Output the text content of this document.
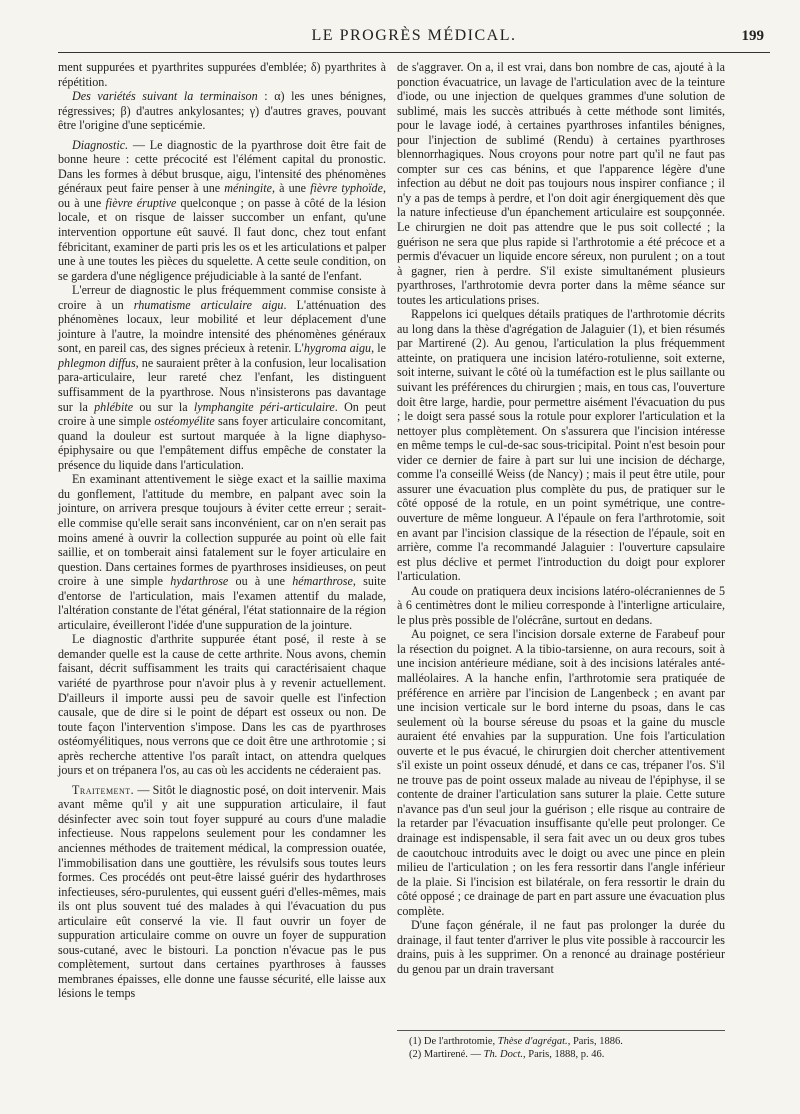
LE PROGRÈS MÉDICAL.	199

ment suppurées et pyarthrites suppurées d'emblée; δ) pyarthrites à répétition.

Des variétés suivant la terminaison : α) les unes bénignes, régressives; β) d'autres ankylosantes; γ) d'autres graves, pouvant être l'origine d'une septicémie.

Diagnostic. — Le diagnostic de la pyarthrose doit être fait de bonne heure : cette précocité est l'élément capital du pronostic. Dans les formes à début brusque, aigu, l'intensité des phénomènes généraux peut faire penser à une méningite, à une fièvre typhoïde, ou à une fièvre éruptive quelconque ; on passe à côté de la lésion locale, et on risque de laisser succomber un enfant, qu'une intervention opportune eût sauvé. Il faut donc, chez tout enfant fébricitant, examiner de parti pris les os et les articulations et palper une à une toutes les pièces du squelette. A cette seule condition, on se gardera d'une négligence préjudiciable à la santé de l'enfant.

L'erreur de diagnostic le plus fréquemment commise consiste à croire à un rhumatisme articulaire aigu. L'atténuation des phénomènes locaux, leur mobilité et leur déplacement d'une jointure à l'autre, la moindre intensité des phénomènes généraux sont, en pareil cas, des signes précieux à retenir. L'hygroma aigu, le phlegmon diffus, ne sauraient prêter à la confusion, leur localisation para-articulaire, leur rareté chez l'enfant, les distinguent suffisamment de la pyarthrose. Nous n'insisterons pas davantage sur la phlébite ou sur la lymphangite péri-articulaire. On peut croire à une simple ostéomyélite sans foyer articulaire concomitant, quand la douleur est surtout marquée à la ligne diaphyso-épiphysaire ou que l'empâtement diffus empêche de constater la présence du liquide dans l'articulation.

En examinant attentivement le siège exact et la saillie maxima du gonflement, l'attitude du membre, en palpant avec soin la jointure, on arrivera presque toujours à éviter cette erreur ; serait-elle commise qu'elle serait sans inconvénient, car on n'en serait pas moins amené à ouvrir la collection suppurée au point où elle fait saillie, et on tomberait ainsi fatalement sur le foyer articulaire en question. Dans certaines formes de pyarthroses insidieuses, on peut croire à une simple hydarthrose ou à une hémarthrose, suite d'entorse de l'articulation, mais l'examen attentif du malade, l'altération constante de l'état général, l'état stationnaire de la région articulaire, éveilleront l'idée d'une suppuration de la jointure.

Le diagnostic d'arthrite suppurée étant posé, il reste à se demander quelle est la cause de cette arthrite. Nous avons, chemin faisant, décrit suffisamment les traits qui caractérisaient chaque variété de pyarthrose pour n'avoir plus à y revenir actuellement. D'ailleurs il importe aussi peu de savoir quelle est l'infection causale, que de dire si le point de départ est osseux ou non. De toute façon l'intervention s'impose. Dans les cas de pyarthroses ostéomyélitiques, nous verrons que ce doit être une arthrotomie ; si après recherche attentive l'os paraît intact, on attendra quelques jours et on trépanera l'os, au cas où les accidents ne céderaient pas.

Traitement. — Sitôt le diagnostic posé, on doit intervenir. Mais avant même qu'il y ait une suppuration articulaire, il faut désinfecter avec soin tout foyer suppuré au cours d'une maladie infectieuse. Nous rappelons seulement pour les condamner les anciennes méthodes de traitement médical, la compression ouatée, l'immobilisation dans une gouttière, les révulsifs sous toutes leurs formes. Ces procédés ont peut-être laissé guérir des hydarthroses infectieuses, séro-purulentes, qui eussent guéri d'elles-mêmes, mais ils ont plus souvent tué des malades à qui l'évacuation du pus articulaire eût conservé la vie. Il faut ouvrir un foyer de suppuration articulaire comme on ouvre un foyer de suppuration sous-cutané, avec le bistouri. La ponction n'évacue pas le pus complètement, surtout dans certaines pyarthroses à fausses membranes épaisses, elle donne une fausse sécurité, elle laisse aux lésions le temps

de s'aggraver. On a, il est vrai, dans bon nombre de cas, ajouté à la ponction évacuatrice, un lavage de l'articulation avec de la teinture d'iode, ou une injection de quelques grammes d'une solution de sublimé, mais les succès attribués à cette méthode sont limités, pour le lavage iodé, à certaines pyarthroses infantiles bénignes, pour l'injection de sublimé (Rendu) à certaines pyarthroses blennorrhagiques. Nous croyons pour notre part qu'il ne faut pas compter sur ces cas bénins, et que l'apparence légère d'une infection au début ne doit pas toujours nous inspirer confiance ; il n'y a pas de temps à perdre, et l'on doit agir énergiquement dès que la nature infectieuse d'un épanchement articulaire est soupçonnée. Le chirurgien ne doit pas attendre que le pus soit collecté ; la guérison ne sera que plus rapide si l'arthrotomie a été précoce et a permis d'évacuer un liquide encore séreux, non purulent ; on a tout à gagner, rien à perdre. S'il existe simultanément plusieurs pyarthroses, l'arthrotomie devra porter dans la même séance sur toutes les articulations prises.

Rappelons ici quelques détails pratiques de l'arthrotomie décrits au long dans la thèse d'agrégation de Jalaguier (1), et bien résumés par Martirené (2). Au genou, l'articulation la plus fréquemment atteinte, on pratiquera une incision latéro-rotulienne, soit externe, soit interne, suivant le côté où la tuméfaction est le plus saillante ou suivant les préférences du chirurgien ; mais, en tous cas, l'ouverture doit être large, hardie, pour permettre aisément l'évacuation du pus ; le doigt sera passé sous la rotule pour explorer l'articulation et la nettoyer plus complètement. On s'assurera que l'incision intéresse en même temps le cul-de-sac sous-tricipital. Point n'est besoin pour vider ce dernier de faire à part sur lui une incision de décharge, comme l'a conseillé Weiss (de Nancy) ; mais il peut être utile, pour assurer une évacuation plus complète du pus, de pratiquer sur le côté opposé de la rotule, en un point symétrique, une contre-ouverture de même longueur. A l'épaule on fera l'arthrotomie, soit en avant par l'incision classique de la résection de l'épaule, soit en arrière, comme l'a recommandé Jalaguier : l'ouverture capsulaire est plus déclive et permet l'introduction du doigt pour explorer l'articulation.

Au coude on pratiquera deux incisions latéro-olécraniennes de 5 à 6 centimètres dont le milieu corresponde à l'interligne articulaire, le plus près possible de l'olécrâne, surtout en dedans.

Au poignet, ce sera l'incision dorsale externe de Farabeuf pour la résection du poignet. A la tibio-tarsienne, on aura recours, soit à une incision antérieure médiane, soit à des incisions latérales anté-malléolaires. A la hanche enfin, l'arthrotomie sera pratiquée de préférence en arrière par l'incision de Langenbeck ; en avant par une incision verticale sur le bord interne du psoas, dans le cas seulement où la bourse séreuse du psoas et la gaine du muscle auraient été envahies par la suppuration. Une fois l'articulation ouverte et le pus évacué, le chirurgien doit chercher attentivement s'il existe un point osseux dénudé, et dans ce cas, trépaner l'os. S'il ne trouve pas de point osseux malade au niveau de l'épiphyse, il se contente de drainer l'articulation sans suturer la plaie. Cette suture n'avance pas d'un seul jour la guérison ; elle risque au contraire de la retarder par l'évacuation insuffisante qu'elle peut prolonger. Ce drainage est indispensable, il sera fait avec un ou deux gros tubes de caoutchouc introduits avec le doigt ou avec une pince en plein milieu de l'articulation ; on les fera ressortir dans l'angle inférieur de la plaie. Si l'incision est bilatérale, on fera ressortir le drain du côté opposé ; ce drainage de part en part assure une évacuation plus complète.

D'une façon générale, il ne faut pas prolonger la durée du drainage, il faut tenter d'arriver le plus vite possible à raccourcir les drains, puis à les supprimer. On a renoncé au drainage postérieur du genou par un drain traversant

(1) De l'arthrotomie, Thèse d'agrégat., Paris, 1886.
(2) Martirené. — Th. Doct., Paris, 1888, p. 46.
